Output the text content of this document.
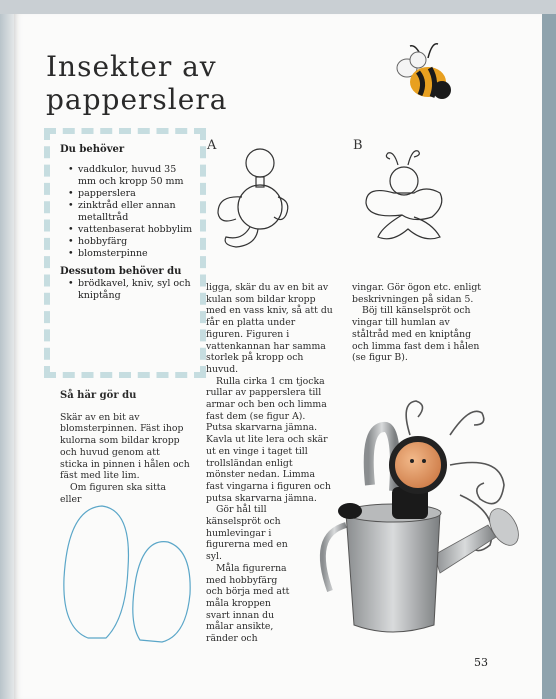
Insekter av
papperslera
Du behöver
• vaddkulor, huvud 35 mm och kropp 50 mm
• papperslera
• zinktråd eller annan metalltråd
• vattenbaserat hobbylim
• hobbyfärg
• blomsterpinne

Dessutom behöver du

• brödkavel, kniv, syl och kniptång
A	B
Så här gör du

Skär av en bit av blomsterpinnen. Fäst ihop kulorna som bildar kropp och huvud genom att sticka in pinnen i hålen och fäst med lite lim.

Om figuren ska sitta eller

ligga, skär du av en bit av kulan som bildar kropp med en vass kniv, så att du får en platta under figuren. Figuren i vattenkannan har samma storlek på kropp och huvud.

Rulla cirka 1 cm tjocka rullar av papperslera till armar och ben och limma fast dem (se figur A). Putsa skarvarna jämna. Kavla ut lite lera och skär ut en vinge i taget till trollsländan enligt mönster nedan. Limma fast vingarna i figuren och putsa skarvarna jämna.

Gör hål till känselspröt och humlevingar i figurerna med en syl.

Måla figurerna med hobbyfärg och börja med att måla kroppen svart innan du målar ansikte, ränder och

vingar. Gör ögon etc. enligt beskrivningen på sidan 5.

Böj till känselspröt och vingar till humlan av ståltråd med en kniptång och limma fast dem i hålen (se figur B).

53
